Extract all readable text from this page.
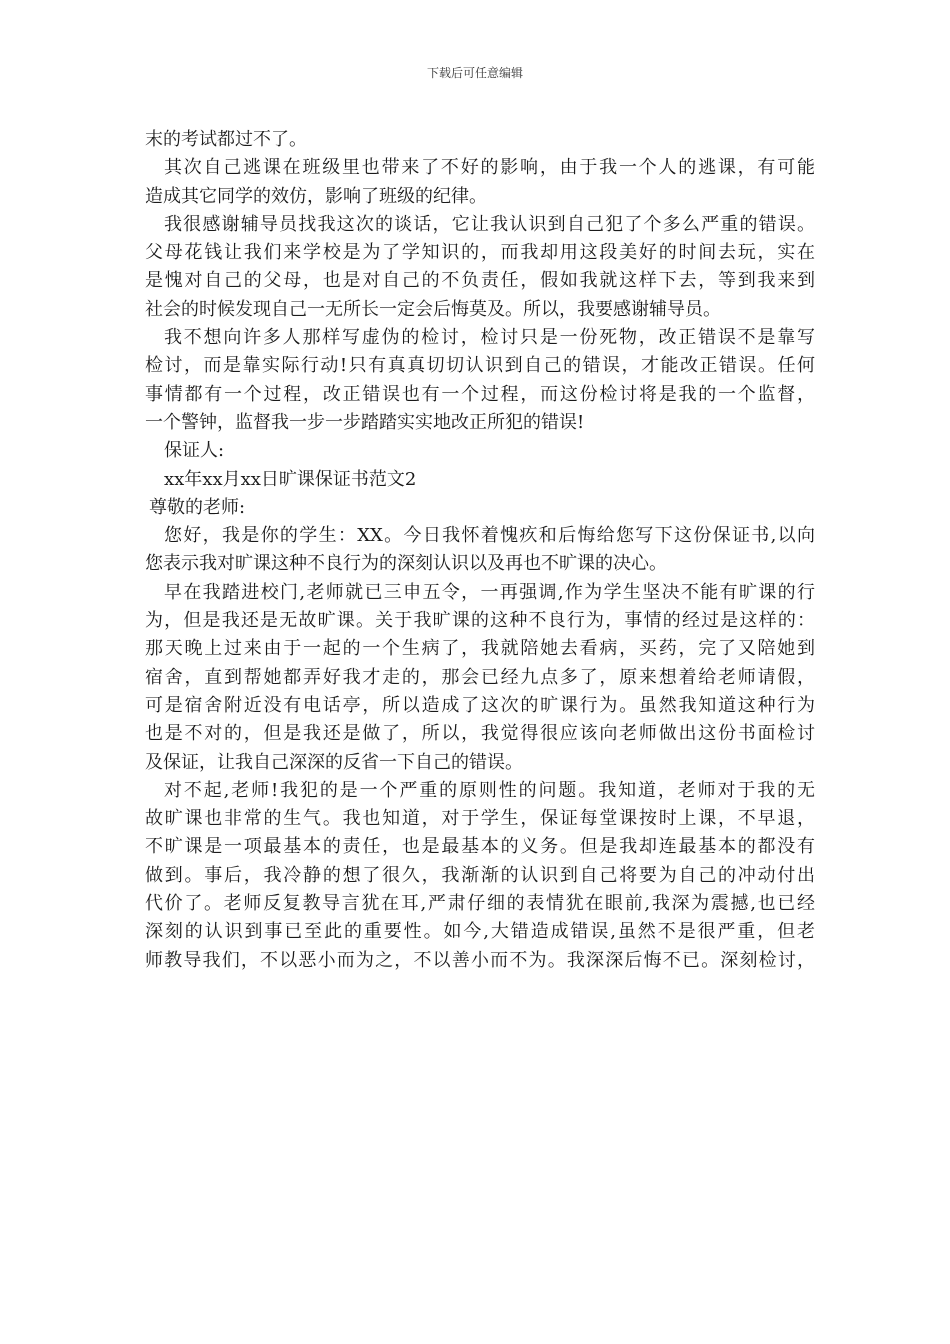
下载后可任意编辑
末的考试都过不了。
其次自己逃课在班级里也带来了不好的影响，由于我一个人的逃课，有可能
造成其它同学的效仿，影响了班级的纪律。
我很感谢辅导员找我这次的谈话，它让我认识到自己犯了个多么严重的错误。
父母花钱让我们来学校是为了学知识的，而我却用这段美好的时间去玩，实在
是愧对自己的父母，也是对自己的不负责任，假如我就这样下去，等到我来到
社会的时候发现自己一无所长一定会后悔莫及。所以，我要感谢辅导员。
我不想向许多人那样写虚伪的检讨，检讨只是一份死物，改正错误不是靠写
检讨，而是靠实际行动!只有真真切切认识到自己的错误，才能改正错误。任何
事情都有一个过程，改正错误也有一个过程，而这份检讨将是我的一个监督，
一个警钟，监督我一步一步踏踏实实地改正所犯的错误!
保证人:
xx年xx月xx日旷课保证书范文2
尊敬的老师:
您好，我是你的学生：XX。今日我怀着愧疚和后悔给您写下这份保证书,以向
您表示我对旷课这种不良行为的深刻认识以及再也不旷课的决心。
早在我踏进校门,老师就已三申五令，一再强调,作为学生坚决不能有旷课的行
为，但是我还是无故旷课。关于我旷课的这种不良行为，事情的经过是这样的：
那天晚上过来由于一起的一个生病了，我就陪她去看病，买药，完了又陪她到
宿舍，直到帮她都弄好我才走的，那会已经九点多了，原来想着给老师请假，
可是宿舍附近没有电话亭，所以造成了这次的旷课行为。虽然我知道这种行为
也是不对的，但是我还是做了，所以，我觉得很应该向老师做出这份书面检讨
及保证，让我自己深深的反省一下自己的错误。
对不起,老师!我犯的是一个严重的原则性的问题。我知道，老师对于我的无
故旷课也非常的生气。我也知道，对于学生，保证每堂课按时上课，不早退，
不旷课是一项最基本的责任，也是最基本的义务。但是我却连最基本的都没有
做到。事后，我冷静的想了很久，我渐渐的认识到自己将要为自己的冲动付出
代价了。老师反复教导言犹在耳,严肃仔细的表情犹在眼前,我深为震撼,也已经
深刻的认识到事已至此的重要性。如今,大错造成错误,虽然不是很严重，但老
师教导我们，不以恶小而为之，不以善小而不为。我深深后悔不已。深刻检讨，
